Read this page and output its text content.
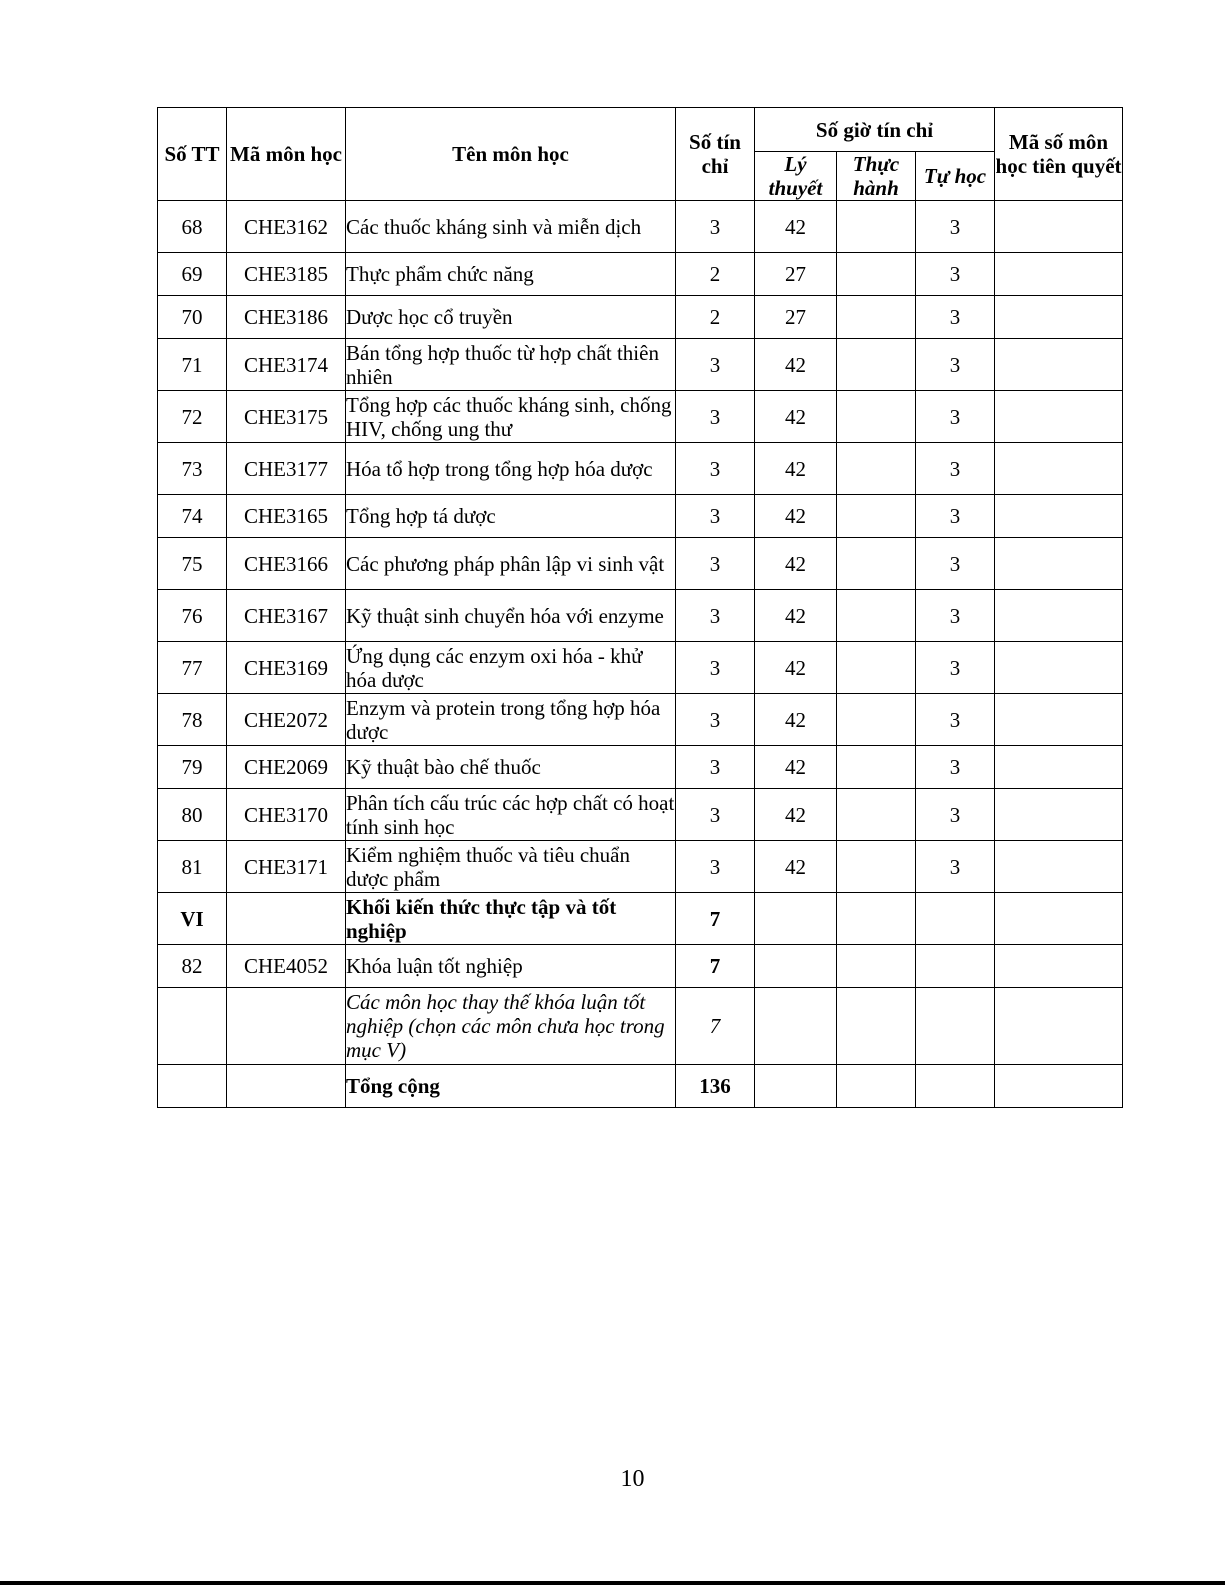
Số TT	Mã môn học	Tên môn học	Số tín chỉ	Số giờ tín chỉ			Mã số môn học tiên quyết
				Lý thuyết	Thực hành	Tự học	
68	CHE3162	Các thuốc kháng sinh và miễn dịch	3	42		3	
69	CHE3185	Thực phẩm chức năng	2	27		3	
70	CHE3186	Dược học cổ truyền	2	27		3	
71	CHE3174	Bán tổng hợp thuốc từ hợp chất thiên nhiên	3	42		3	
72	CHE3175	Tổng hợp các thuốc kháng sinh, chống HIV, chống ung thư	3	42		3	
73	CHE3177	Hóa tổ hợp trong tổng hợp hóa dược	3	42		3	
74	CHE3165	Tổng hợp tá dược	3	42		3	
75	CHE3166	Các phương pháp phân lập vi sinh vật	3	42		3	
76	CHE3167	Kỹ thuật sinh chuyển hóa với enzyme	3	42		3	
77	CHE3169	Ứng dụng các enzym oxi hóa - khử hóa dược	3	42		3	
78	CHE2072	Enzym và protein trong tổng hợp hóa dược	3	42		3	
79	CHE2069	Kỹ thuật bào chế thuốc	3	42		3	
80	CHE3170	Phân tích cấu trúc các hợp chất có hoạt tính sinh học	3	42		3	
81	CHE3171	Kiểm nghiệm thuốc và tiêu chuẩn dược phẩm	3	42		3	
VI		Khối kiến thức thực tập và tốt nghiệp	7				
82	CHE4052	Khóa luận tốt nghiệp	7				
		Các môn học thay thế khóa luận tốt nghiệp (chọn các môn chưa học trong mục V)	7				
		Tổng cộng	136				
10
